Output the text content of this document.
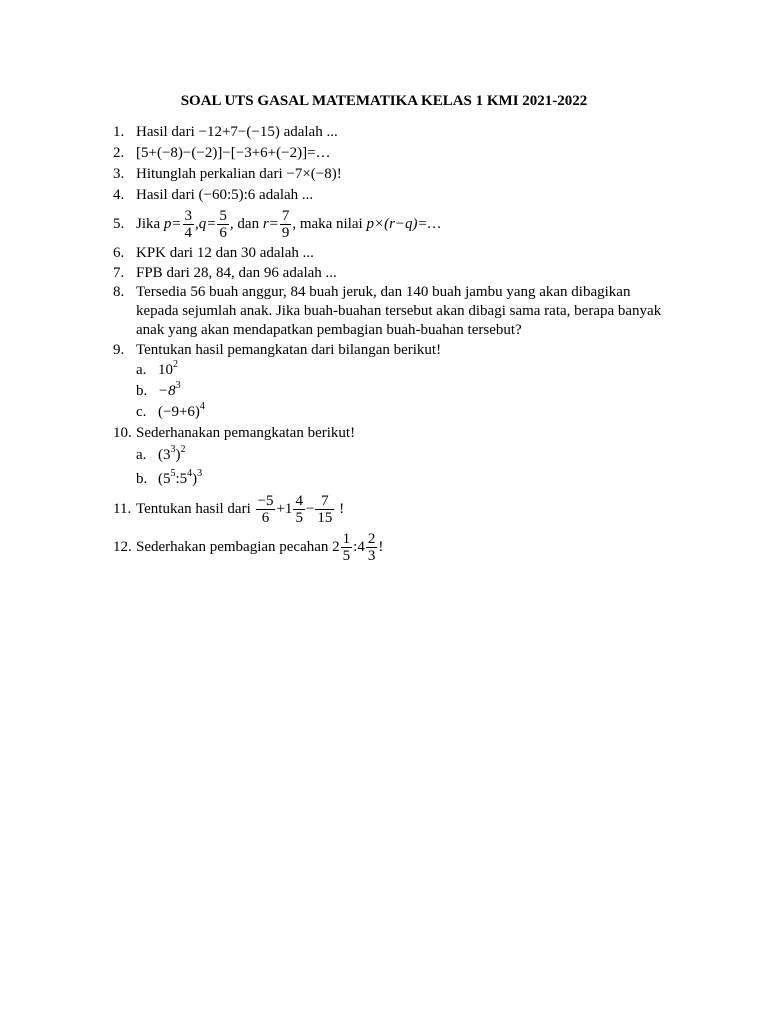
SOAL UTS GASAL MATEMATIKA KELAS 1 KMI 2021-2022
1. Hasil dari −12+7−(−15) adalah ...
2. [5+(−8)−(−2)]−[−3+6+(−2)]=…
3. Hitunglah perkalian dari −7×(−8)!
4. Hasil dari (−60:5):6 adalah ...
5. Jika $p= \frac{3}{4} ,q= \frac{5}{6}$ , dan $r= \frac{7}{9}$ , maka nilai p×(r−q)=…
6. KPK dari 12 dan 30 adalah ...
7. FPB dari 28, 84, dan 96 adalah ...
8. Tersedia 56 buah anggur, 84 buah jeruk, dan 140 buah jambu yang akan dibagikan kepada sejumlah anak. Jika buah-buahan tersebut akan dibagi sama rata, berapa banyak anak yang akan mendapatkan pembagian buah-buahan tersebut?
9. Tentukan hasil pemangkatan dari bilangan berikut!
a. $10^2$
b. $-8^3$
c. $(-9+6)^4$
10. Sederhanakan pemangkatan berikut!
a. $(3^3)^2$
b. $(5^5:5^4)^3$
11. Tentukan hasil dari $\frac{-5}{6} +1 \frac{4}{5} - \frac{7}{15}$ !
12. Sederhakan pembagian pecahan $2 \frac{1}{5}$ :4 $\frac{2}{3}$ !
